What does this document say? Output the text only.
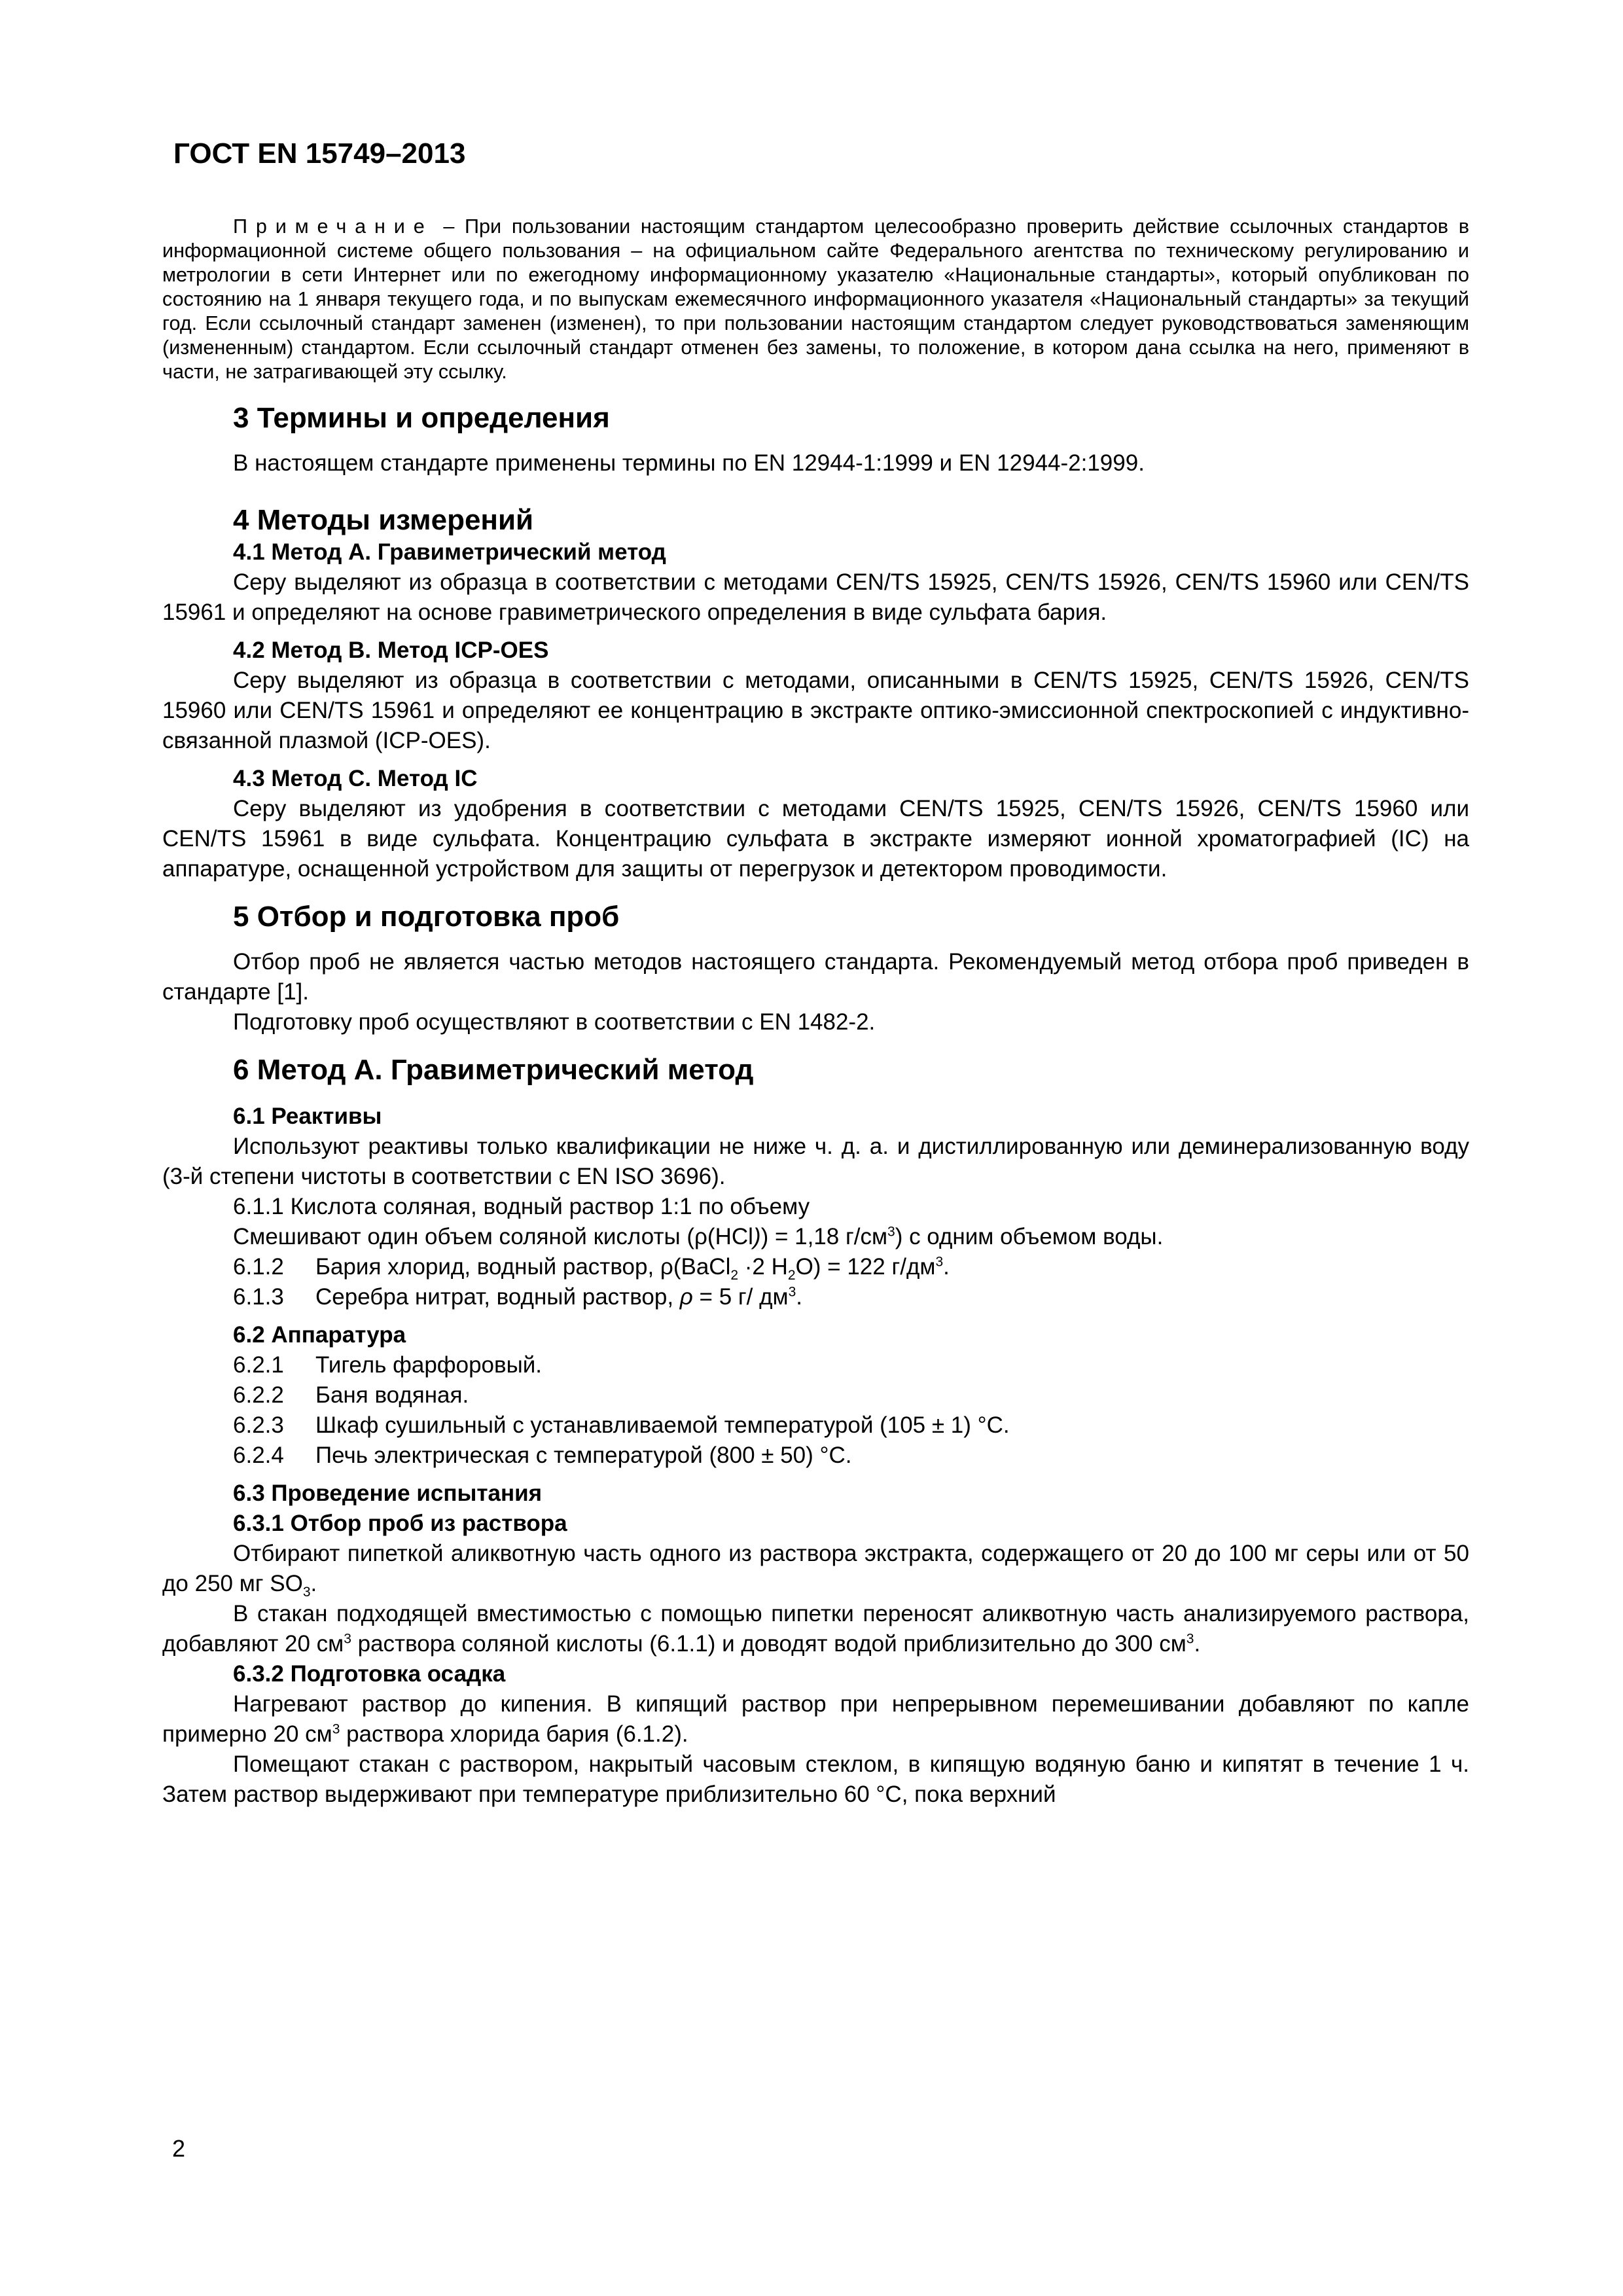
ГОСТ EN 15749–2013

Примечание – При пользовании настоящим стандартом целесообразно проверить действие ссылочных стандартов в информационной системе общего пользования – на официальном сайте Федерального агентства по техническому регулированию и метрологии в сети Интернет или по ежегодному информационному указателю «Национальные стандарты», который опубликован по состоянию на 1 января текущего года, и по выпускам ежемесячного информационного указателя «Национальный стандарты» за текущий год. Если ссылочный стандарт заменен (изменен), то при пользовании настоящим стандартом следует руководствоваться заменяющим (измененным) стандартом. Если ссылочный стандарт отменен без замены, то положение, в котором дана ссылка на него, применяют в части, не затрагивающей эту ссылку.

3 Термины и определения

В настоящем стандарте применены термины по EN 12944-1:1999 и EN 12944-2:1999.

4 Методы измерений
4.1 Метод А. Гравиметрический метод

Серу выделяют из образца в соответствии с методами CEN/TS 15925, CEN/TS 15926, CEN/TS 15960 или CEN/TS 15961 и определяют на основе гравиметрического определения в виде сульфата бария.

4.2 Метод В. Метод ICP-OES

Серу выделяют из образца в соответствии с методами, описанными в CEN/TS 15925, CEN/TS 15926, CEN/TS 15960 или CEN/TS 15961 и определяют ее концентрацию в экстракте оптико-эмиссионной спектроскопией с индуктивно-связанной плазмой (ICP-OES).

4.3 Метод С. Метод IC

Серу выделяют из удобрения в соответствии с методами CEN/TS 15925, CEN/TS 15926, CEN/TS 15960 или CEN/TS 15961 в виде сульфата. Концентрацию сульфата в экстракте измеряют ионной хроматографией (IC) на аппаратуре, оснащенной устройством для защиты от перегрузок и детектором проводимости.

5 Отбор и подготовка проб

Отбор проб не является частью методов настоящего стандарта. Рекомендуемый метод отбора проб приведен в стандарте [1].

Подготовку проб осуществляют в соответствии с EN 1482-2.

6 Метод А. Гравиметрический метод
6.1 Реактивы

Используют реактивы только квалификации не ниже ч. д. а. и дистиллированную или деминерализованную воду (3-й степени чистоты в соответствии с EN ISO 3696).

6.1.1 Кислота соляная, водный раствор 1:1 по объему

Смешивают один объем соляной кислоты (ρ(HCl)) = 1,18 $г/см^3$) с одним объемом воды.

6.1.2 Бария хлорид, водный раствор, ρ(BaCl$_2$ ·2 $H_2O) = 122$ $г/дм^3$.

6.1.3 Серебра нитрат, водный раствор, ρ = 5 г/ $дм^3$.

6.2 Аппаратура

6.2.1 Тигель фарфоровый.

6.2.2 Баня водяная.

6.2.3 Шкаф сушильный с устанавливаемой температурой (105 ± 1) °С.

6.2.4 Печь электрическая с температурой (800 ± 50) °С.

6.3 Проведение испытания
6.3.1 Отбор проб из раствора

Отбирают пипеткой аликвотную часть одного из раствора экстракта, содержащего от 20 до 100 мг серы или от 50 до 250 мг $SO_3$.

В стакан подходящей вместимостью с помощью пипетки переносят аликвотную часть анализируемого раствора, добавляют 20 $см^3$ раствора соляной кислоты (6.1.1) и доводят водой приблизительно до 300 $см^3$.

6.3.2 Подготовка осадка

Нагревают раствор до кипения. В кипящий раствор при непрерывном перемешивании добавляют по капле примерно 20 $см^3$ раствора хлорида бария (6.1.2).

Помещают стакан с раствором, накрытый часовым стеклом, в кипящую водяную баню и кипятят в течение 1 ч. Затем раствор выдерживают при температуре приблизительно 60 °С, пока верхний

2
